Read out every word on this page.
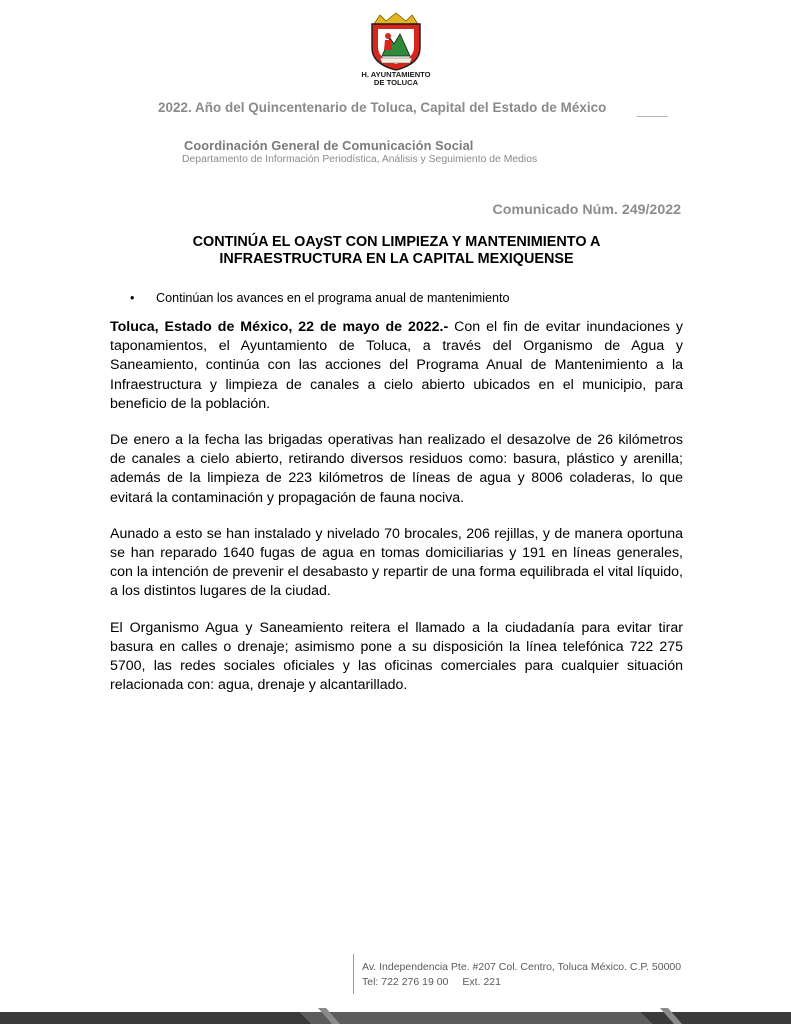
H. AYUNTAMIENTO
DE TOLUCA
2022. Año del Quincentenario de Toluca, Capital del Estado de México
Coordinación General de Comunicación Social
Departamento de Información Periodística, Análisis y Seguimiento de Medios
Comunicado Núm. 249/2022
CONTINÚA EL OAyST CON LIMPIEZA Y MANTENIMIENTO A
INFRAESTRUCTURA EN LA CAPITAL MEXIQUENSE
•	Continúan los avances en el programa anual de mantenimiento

Toluca, Estado de México, 22 de mayo de 2022.- Con el fin de evitar inundaciones y taponamientos, el Ayuntamiento de Toluca, a través del Organismo de Agua y Saneamiento, continúa con las acciones del Programa Anual de Mantenimiento a la Infraestructura y limpieza de canales a cielo abierto ubicados en el municipio, para beneficio de la población.

De enero a la fecha las brigadas operativas han realizado el desazolve de 26 kilómetros de canales a cielo abierto, retirando diversos residuos como: basura, plástico y arenilla; además de la limpieza de 223 kilómetros de líneas de agua y 8006 coladeras, lo que evitará la contaminación y propagación de fauna nociva.

Aunado a esto se han instalado y nivelado 70 brocales, 206 rejillas, y de manera oportuna se han reparado 1640 fugas de agua en tomas domiciliarias y 191 en líneas generales, con la intención de prevenir el desabasto y repartir de una forma equilibrada el vital líquido, a los distintos lugares de la ciudad.

El Organismo Agua y Saneamiento reitera el llamado a la ciudadanía para evitar tirar basura en calles o drenaje; asimismo pone a su disposición la línea telefónica 722 275 5700, las redes sociales oficiales y las oficinas comerciales para cualquier situación relacionada con: agua, drenaje y alcantarillado.

Av. Independencia Pte. #207 Col. Centro, Toluca México. C.P. 50000
Tel: 722 276 19 00 Ext. 221
